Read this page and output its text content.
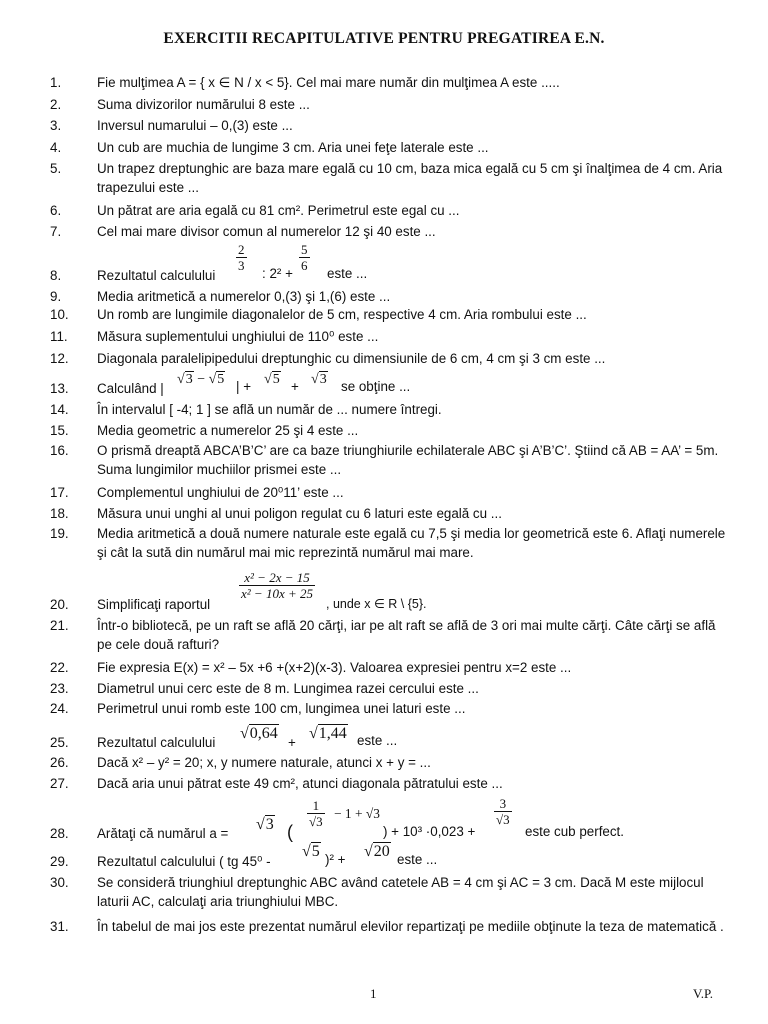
EXERCITII RECAPITULATIVE PENTRU PREGATIREA E.N.
1.	Fie mulţimea A = { x ∈ N / x < 5}. Cel mai mare număr din mulţimea A este .....
2.	Suma divizorilor numărului 8 este ...
3.	Inversul numarului – 0,(3) este ...
4.	Un cub are muchia de lungime 3 cm. Aria unei feţe laterale este ...
5.	Un trapez dreptunghic are baza mare egală cu 10 cm, baza mica egală cu 5 cm şi înalţimea de 4 cm. Aria trapezului este ...
6.	Un pătrat are aria egală cu 81 cm². Perimetrul este egal cu ...
7.	Cel mai mare divisor comun al numerelor 12 şi 40 este ...
8.	Rezultatul calculului
$\frac{2}{3}$
: 2² +
$\frac{5}{6}$
este ...
9.	Media aritmetică a numerelor 0,(3) şi 1,(6) este ...
10.	Un romb are lungimile diagonalelor de 5 cm, respective 4 cm. Aria rombului este ...
11.	Măsura suplementului unghiului de 110⁰ este ...
12.	Diagonala paralelipipedului dreptunghic cu dimensiunile de 6 cm, 4 cm şi 3 cm este ...
13.	Calculând |
√3 − √5 | + √5 + √3 se obţine ...
14.	În intervalul [ -4; 1 ] se află un număr de ... numere întregi.
15.	Media geometric a numerelor 25 şi 4 este ...
16.	O prismă dreaptă ABCA’B’C’ are ca baze triunghiurile echilaterale ABC şi A’B’C’. Ştiind că AB = AA’ = 5m. Suma lungimilor muchiilor prismei este ...
17.	Complementul unghiului de 20⁰11’ este ...
18.	Măsura unui unghi al unui poligon regulat cu 6 laturi este egală cu ...
19.	Media aritmetică a două numere naturale este egală cu 7,5 şi media lor geometrică este 6. Aflaţi numerele şi cât la sută din numărul mai mic reprezintă numărul mai mare.
20.	Simplificaţi raportul
$\frac{\text{x² − 2x − 15}}{\text{x² − 10x + 25}}$
, unde x ∈ R \ {5}.
21.	Într-o bibliotecă, pe un raft se află 20 cărţi, iar pe alt raft se află de 3 ori mai multe cărţi. Câte cărţi se află pe cele două rafturi?
22.	Fie expresia E(x) = x² – 5x +6 +(x+2)(x-3). Valoarea expresiei pentru x=2 este ...
23.	Diametrul unui cerc este de 8 m. Lungimea razei cercului este ...
24.	Perimetrul unui romb este 100 cm, lungimea unei laturi este ...
25.	Rezultatul calculului
√0,64
+
√1,44 este ...
26.	Dacă x² – y² = 20; x, y numere naturale, atunci x + y = ...
27.	Dacă aria unui pătrat este 49 cm², atunci diagonala pătratului este ...
28.	Arătaţi că numărul a =
√3 (
$\frac{1}{√3} - 1 + √3$
) + 10³ ·0,023 +
$\frac{3}{√3}$
este cub perfect.
29.	Rezultatul calculului ( tg 45⁰ -
√5 )² + √20 este ...
30.	Se consideră triunghiul dreptunghic ABC având catetele AB = 4 cm şi AC = 3 cm. Dacă M este mijlocul laturii AC, calculaţi aria triunghiului MBC.
31.	În tabelul de mai jos este prezentat numărul elevilor repartizaţi pe mediile obţinute la teza de matematică .
1	V.P.
